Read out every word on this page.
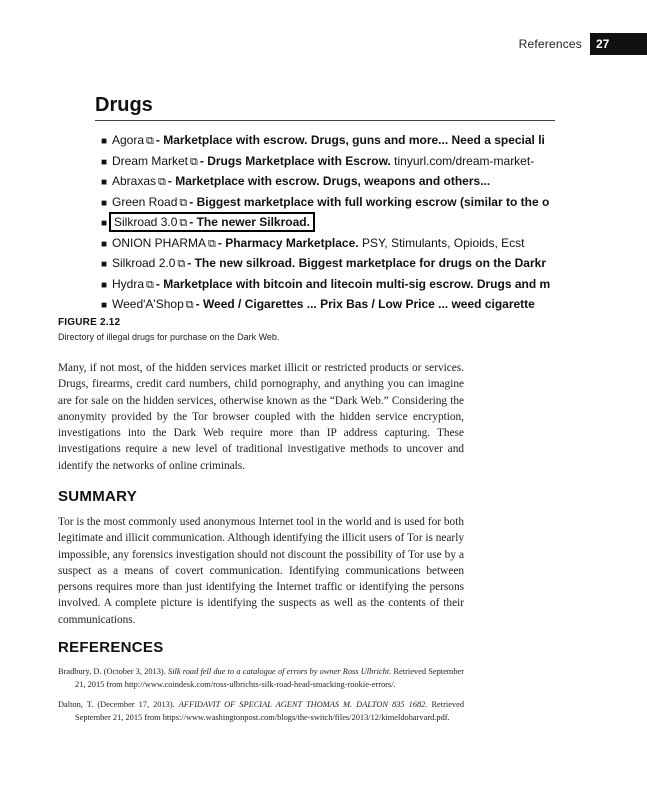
References	27
Drugs
■ Agora ⧉ - Marketplace with escrow. Drugs, guns and more... Need a special li
■ Dream Market ⧉ - Drugs Marketplace with Escrow. tinyurl.com/dream-market-
■ Abraxas ⧉ - Marketplace with escrow. Drugs, weapons and others...
■ Green Road ⧉ - Biggest marketplace with full working escrow (similar to the o
■ Silkroad 3.0 ⧉ - The newer Silkroad.
■ ONION PHARMA ⧉ - Pharmacy Marketplace. PSY, Stimulants, Opioids, Ecst
■ Silkroad 2.0 ⧉ - The new silkroad. Biggest marketplace for drugs on the Darkr
■ Hydra ⧉ - Marketplace with bitcoin and litecoin multi-sig escrow. Drugs and m
■ Weed'A'Shop ⧉ - Weed / Cigarettes ... Prix Bas / Low Price ... weed cigarette
FIGURE 2.12
Directory of illegal drugs for purchase on the Dark Web.

Many, if not most, of the hidden services market illicit or restricted products or services. Drugs, firearms, credit card numbers, child pornography, and anything you can imagine are for sale on the hidden services, otherwise known as the “Dark Web.” Considering the anonymity provided by the Tor browser coupled with the hidden service encryption, investigations into the Dark Web require more than IP address capturing. These investigations require a new level of traditional investigative methods to uncover and identify the networks of online criminals.

SUMMARY

Tor is the most commonly used anonymous Internet tool in the world and is used for both legitimate and illicit communication. Although identifying the illicit users of Tor is nearly impossible, any forensics investigation should not discount the possibility of Tor use by a suspect as a means of covert communication. Identifying communications between persons requires more than just identifying the Internet traffic or identifying the persons involved. A complete picture is identifying the suspects as well as the contents of their communications.

REFERENCES

Bradbury, D. (October 3, 2013). Silk road fell due to a catalogue of errors by owner Ross Ulbricht. Retrieved September 21, 2015 from http://www.coindesk.com/ross-ulbrichts-silk-road-head-smacking-rookie-errors/.

Dalton, T. (December 17, 2013). AFFIDAVIT OF SPECIAL AGENT THOMAS M. DALTON 835 1682. Retrieved September 21, 2015 from https://www.washingtonpost.com/blogs/the-switch/files/2013/12/kimeldoharvard.pdf.
